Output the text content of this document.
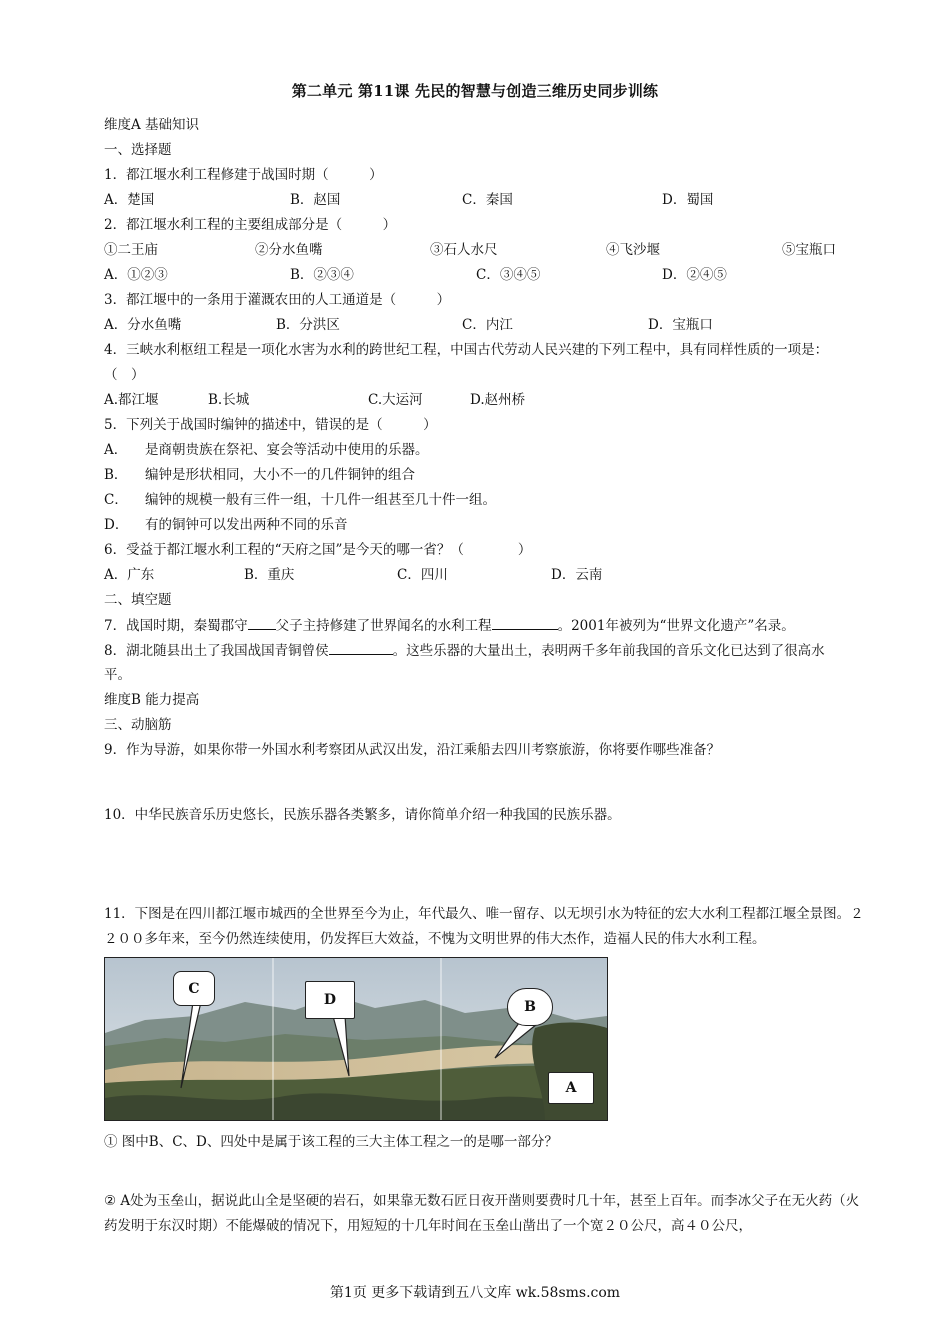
第二单元 第11课 先民的智慧与创造三维历史同步训练
维度A 基础知识
一、选择题
1．都江堰水利工程修建于战国时期（　　　）
A．楚国	B．赵国	C．秦国	D．蜀国
2．都江堰水利工程的主要组成部分是（　　　）
①二王庙	②分水鱼嘴	③石人水尺	④飞沙堰	⑤宝瓶口
A．①②③	B．②③④	C．③④⑤	D．②④⑤
3．都江堰中的一条用于灌溉农田的人工通道是（　　　）
A．分水鱼嘴	B．分洪区	C．内江	D．宝瓶口
4．三峡水利枢纽工程是一项化水害为水利的跨世纪工程，中国古代劳动人民兴建的下列工程中，具有同样性质的一项是：
（　）
A.都江堰	B.长城	C.大运河	D.赵州桥
5．下列关于战国时编钟的描述中，错误的是（　　　）
A． 是商朝贵族在祭祀、宴会等活动中使用的乐器。
B． 编钟是形状相同，大小不一的几件铜钟的组合
C． 编钟的规模一般有三件一组，十几件一组甚至几十件一组。
D． 有的铜钟可以发出两种不同的乐音
6．受益于都江堰水利工程的“天府之国”是今天的哪一省？（　　　　）
A．广东	B．重庆	C．四川	D．云南
二、填空题
7．战国时期，秦蜀郡守 父子主持修建了世界闻名的水利工程	。2001年被列为“世界文化遗产”名录。
8．湖北随县出土了我国战国青铜曾侯	。这些乐器的大量出土，表明两千多年前我国的音乐文化已达到了很高水
平。
维度B 能力提高
三、动脑筋
9．作为导游，如果你带一外国水利考察团从武汉出发，沿江乘船去四川考察旅游，你将要作哪些准备？
10．中华民族音乐历史悠长，民族乐器各类繁多，请你简单介绍一种我国的民族乐器。
11．下图是在四川都江堰市城西的全世界至今为止，年代最久、唯一留存、以无坝引水为特征的宏大水利工程都江堰全景图。２２００多年来，至今仍然连续使用，仍发挥巨大效益，不愧为文明世界的伟大杰作，造福人民的伟大水利工程。
C
D	B
A
① 图中B、C、D、四处中是属于该工程的三大主体工程之一的是哪一部分？
② A处为玉垒山，据说此山全是坚硬的岩石，如果靠无数石匠日夜开凿则要费时几十年，甚至上百年。而李冰父子在无火药（火药发明于东汉时期）不能爆破的情况下，用短短的十几年时间在玉垒山凿出了一个宽２０公尺，高４０公尺，
第1页 更多下载请到五八文库 wk.58sms.com
